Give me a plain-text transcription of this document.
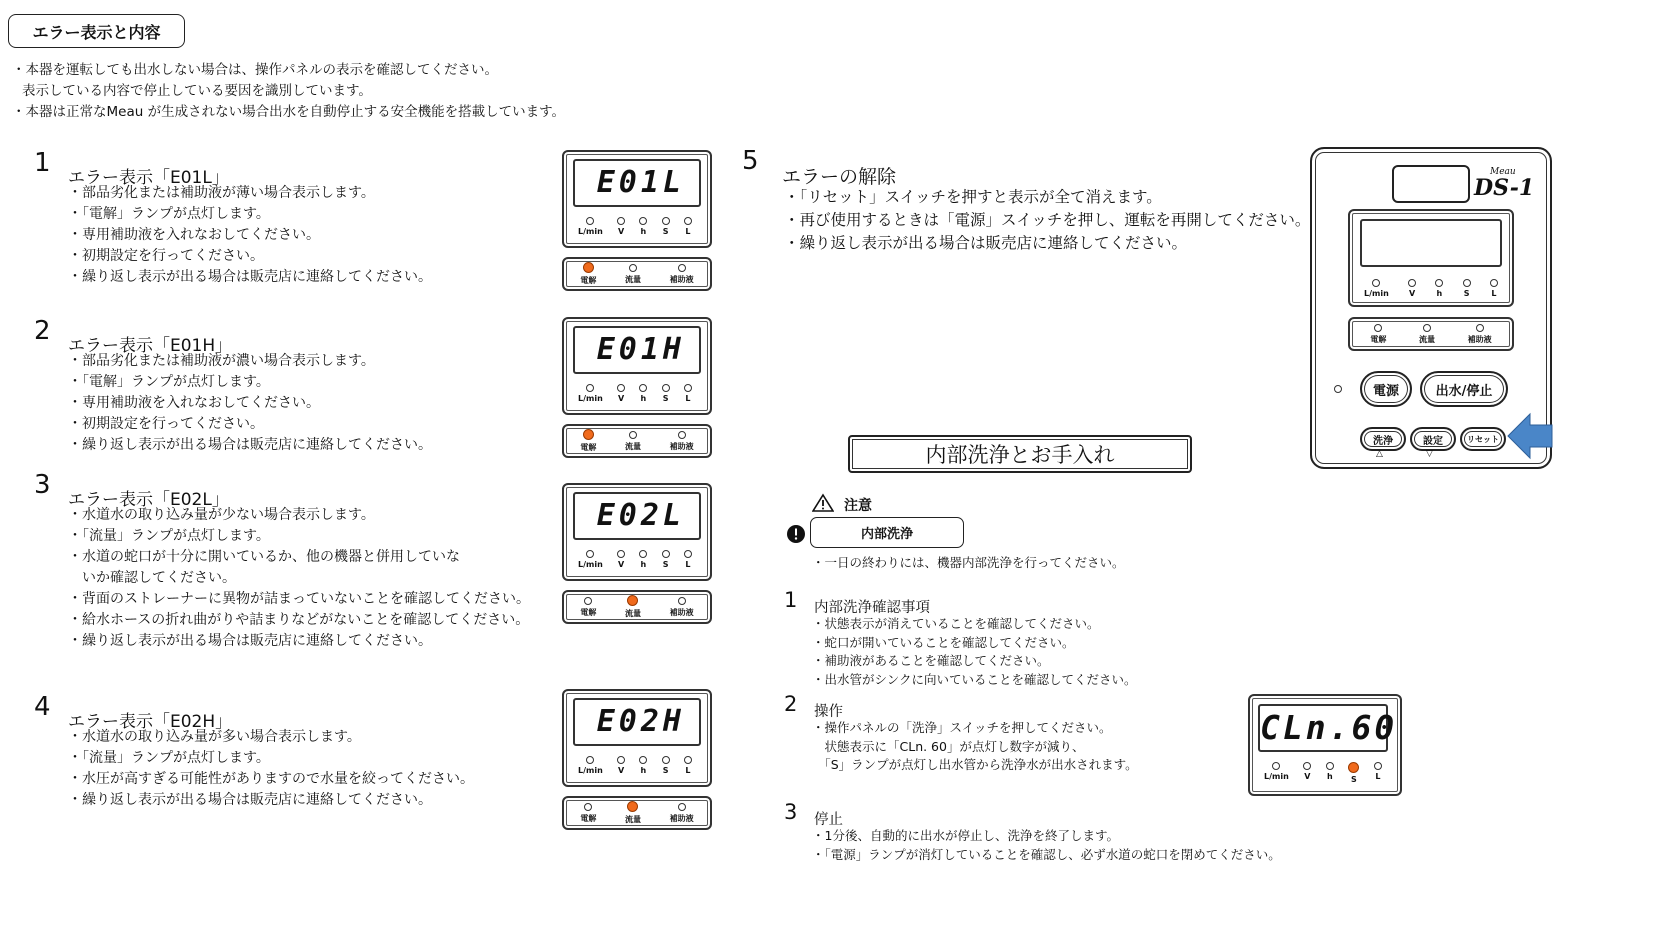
エラー表示と内容
・本器を運転しても出水しない場合は、操作パネルの表示を確認してください。
表示している内容で停止している要因を識別しています。
・本器は正常なMeau が生成されない場合出水を自動停止する安全機能を搭載しています。
1 エラー表示「E01L」
・部品劣化または補助液が薄い場合表示します。
・「電解」ランプが点灯します。
・専用補助液を入れなおしてください。
・初期設定を行ってください。
・繰り返し表示が出る場合は販売店に連絡してください。
E01L
L/min V h S L
電解	流量	補助液
2 エラー表示「E01H」
・部品劣化または補助液が濃い場合表示します。
・「電解」ランプが点灯します。
・専用補助液を入れなおしてください。
・初期設定を行ってください。
・繰り返し表示が出る場合は販売店に連絡してください。
E01H
L/min V h S L
電解	流量	補助液
3 エラー表示「E02L」
・水道水の取り込み量が少ない場合表示します。
・「流量」ランプが点灯します。
・水道の蛇口が十分に開いているか、他の機器と併用していな
　いか確認してください。
・背面のストレーナーに異物が詰まっていないことを確認してください。
・給水ホースの折れ曲がりや詰まりなどがないことを確認してください。
・繰り返し表示が出る場合は販売店に連絡してください。
E02L
L/min V h S L
電解	流量	補助液
4 エラー表示「E02H」
・水道水の取り込み量が多い場合表示します。
・「流量」ランプが点灯します。
・水圧が高すぎる可能性がありますので水量を絞ってください。
・繰り返し表示が出る場合は販売店に連絡してください。
E02H
L/min V h S L
電解	流量	補助液
5
エラーの解除
・「リセット」スイッチを押すと表示が全て消えます。
・再び使用するときは「電源」スイッチを押し、運転を再開してください。
・繰り返し表示が出る場合は販売店に連絡してください。
Meau
DS-1
L/min	V	h	S	L
電解	流量	補助液
電源	出水/停止
洗浄	設定	リセット
△	▽
内部洗浄とお手入れ
注意
内部洗浄
・一日の終わりには、機器内部洗浄を行ってください。
1 内部洗浄確認事項
・状態表示が消えていることを確認してください。
・蛇口が開いていることを確認してください。
・補助液があることを確認してください。
・出水管がシンクに向いていることを確認してください。
2 操作
・操作パネルの「洗浄」スイッチを押してください。
　状態表示に「CLn. 60」が点灯し数字が減り、
　「S」ランプが点灯し出水管から洗浄水が出水されます。
3 停止
・1分後、自動的に出水が停止し、洗浄を終了します。
・「電源」ランプが消灯していることを確認し、必ず水道の蛇口を閉めてください。
CLn.60
L/min V h S L
